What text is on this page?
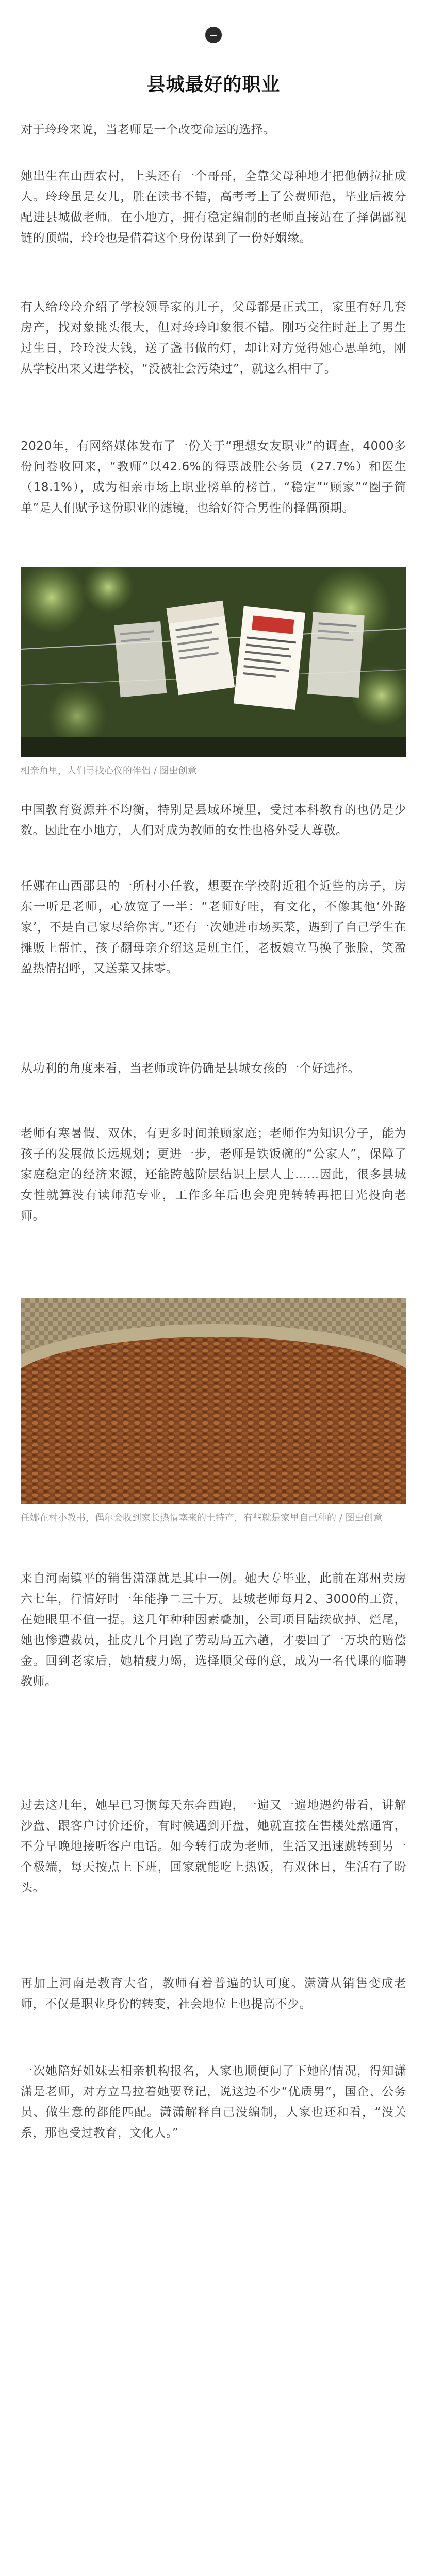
县城最好的职业

对于玲玲来说，当老师是一个改变命运的选择。

她出生在山西农村，上头还有一个哥哥，全靠父母种地才把他俩拉扯成人。玲玲虽是女儿，胜在读书不错，高考考上了公费师范，毕业后被分配进县城做老师。在小地方，拥有稳定编制的老师直接站在了择偶鄙视链的顶端，玲玲也是借着这个身份谋到了一份好姻缘。

有人给玲玲介绍了学校领导家的儿子，父母都是正式工，家里有好几套房产，找对象挑头很大，但对玲玲印象很不错。刚巧交往时赶上了男生过生日，玲玲没大钱，送了盏书做的灯，却让对方觉得她心思单纯，刚从学校出来又进学校，“没被社会污染过”，就这么相中了。

2020年，有网络媒体发布了一份关于“理想女友职业”的调查，4000多份问卷收回来，“教师”以42.6%的得票战胜公务员（27.7%）和医生（18.1%），成为相亲市场上职业榜单的榜首。“稳定”“顾家”“圈子简单”是人们赋予这份职业的滤镜，也给好符合男性的择偶预期。

相亲角里，人们寻找心仪的伴侣 / 图虫创意

中国教育资源并不均衡，特别是县域环境里，受过本科教育的也仍是少数。因此在小地方，人们对成为教师的女性也格外受人尊敬。

任娜在山西邵县的一所村小任教，想要在学校附近租个近些的房子，房东一听是老师，心放宽了一半：“老师好哇，有文化，不像其他‘外路家’，不是自己家尽给你害。”还有一次她进市场买菜，遇到了自己学生在摊贩上帮忙，孩子翻母亲介绍这是班主任，老板娘立马换了张脸，笑盈盈热情招呼，又送菜又抹零。

从功利的角度来看，当老师或许仍确是县城女孩的一个好选择。

老师有寒暑假、双休，有更多时间兼顾家庭；老师作为知识分子，能为孩子的发展做长远规划；更进一步，老师是铁饭碗的“公家人”，保障了家庭稳定的经济来源，还能跨越阶层结识上层人士……因此，很多县城女性就算没有读师范专业，工作多年后也会兜兜转转再把目光投向老师。

任娜在村小教书，偶尔会收到家长热情塞来的土特产，有些就是家里自己种的 / 图虫创意

来自河南镇平的销售潇潇就是其中一例。她大专毕业，此前在郑州卖房六七年，行情好时一年能挣二三十万。县城老师每月2、3000的工资，在她眼里不值一提。这几年种种因素叠加，公司项目陆续砍掉、烂尾，她也惨遭裁员，扯皮几个月跑了劳动局五六趟，才要回了一万块的赔偿金。回到老家后，她精疲力竭，选择顺父母的意，成为一名代课的临聘教师。

过去这几年，她早已习惯每天东奔西跑，一遍又一遍地遇约带看，讲解沙盘、跟客户讨价还价，有时候遇到开盘，她就直接在售楼处熬通宵，不分早晚地接听客户电话。如今转行成为老师，生活又迅速跳转到另一个极端，每天按点上下班，回家就能吃上热饭，有双休日，生活有了盼头。

再加上河南是教育大省，教师有着普遍的认可度。潇潇从销售变成老师，不仅是职业身份的转变，社会地位上也提高不少。

一次她陪好姐妹去相亲机构报名，人家也顺便问了下她的情况，得知潇潇是老师，对方立马拉着她要登记，说这边不少“优质男”，国企、公务员、做生意的都能匹配。潇潇解释自己没编制，人家也还和看，“没关系，那也受过教育，文化人。”
